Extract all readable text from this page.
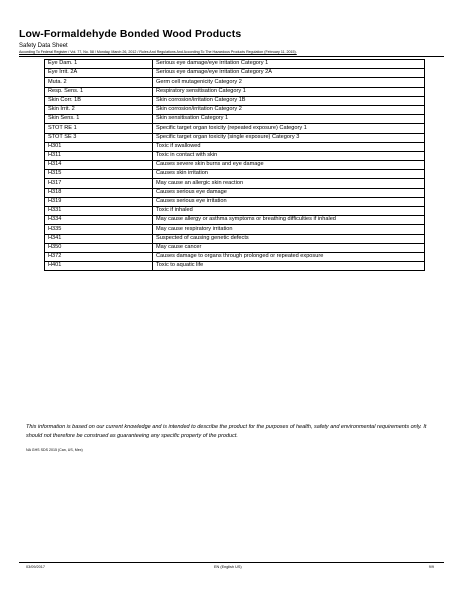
Low-Formaldehyde Bonded Wood Products
Safety Data Sheet
According To Federal Register / Vol. 77, No. 58 / Monday, March 26, 2012 / Rules And Regulations And According To The Hazardous Products Regulation (February 11, 2015).
Eye Dam. 1	Serious eye damage/eye irritation Category 1
Eye Irrit. 2A	Serious eye damage/eye irritation Category 2A
Muta. 2	Germ cell mutagenicity Category 2
Resp. Sens. 1	Respiratory sensitisation Category 1
Skin Corr. 1B	Skin corrosion/irritation Category 1B
Skin Irrit. 2	Skin corrosion/irritation Category 2
Skin Sens. 1	Skin sensitisation Category 1
STOT RE 1	Specific target organ toxicity (repeated exposure) Category 1
STOT SE 3	Specific target organ toxicity (single exposure) Category 3
H301	Toxic if swallowed
H311	Toxic in contact with skin
H314	Causes severe skin burns and eye damage
H315	Causes skin irritation
H317	May cause an allergic skin reaction
H318	Causes serious eye damage
H319	Causes serious eye irritation
H331	Toxic if inhaled
H334	May cause allergy or asthma symptoms or breathing difficulties if inhaled
H335	May cause respiratory irritation
H341	Suspected of causing genetic defects
H350	May cause cancer
H372	Causes damage to organs through prolonged or repeated exposure
H401	Toxic to aquatic life
This information is based on our current knowledge and is intended to describe the product for the purposes of health, safety and environmental requirements only. It should not therefore be construed as guaranteeing any specific property of the product.
NA GHS SDS 2015 (Can, US, Mex)
03/09/2017	EN (English US)	9/9
